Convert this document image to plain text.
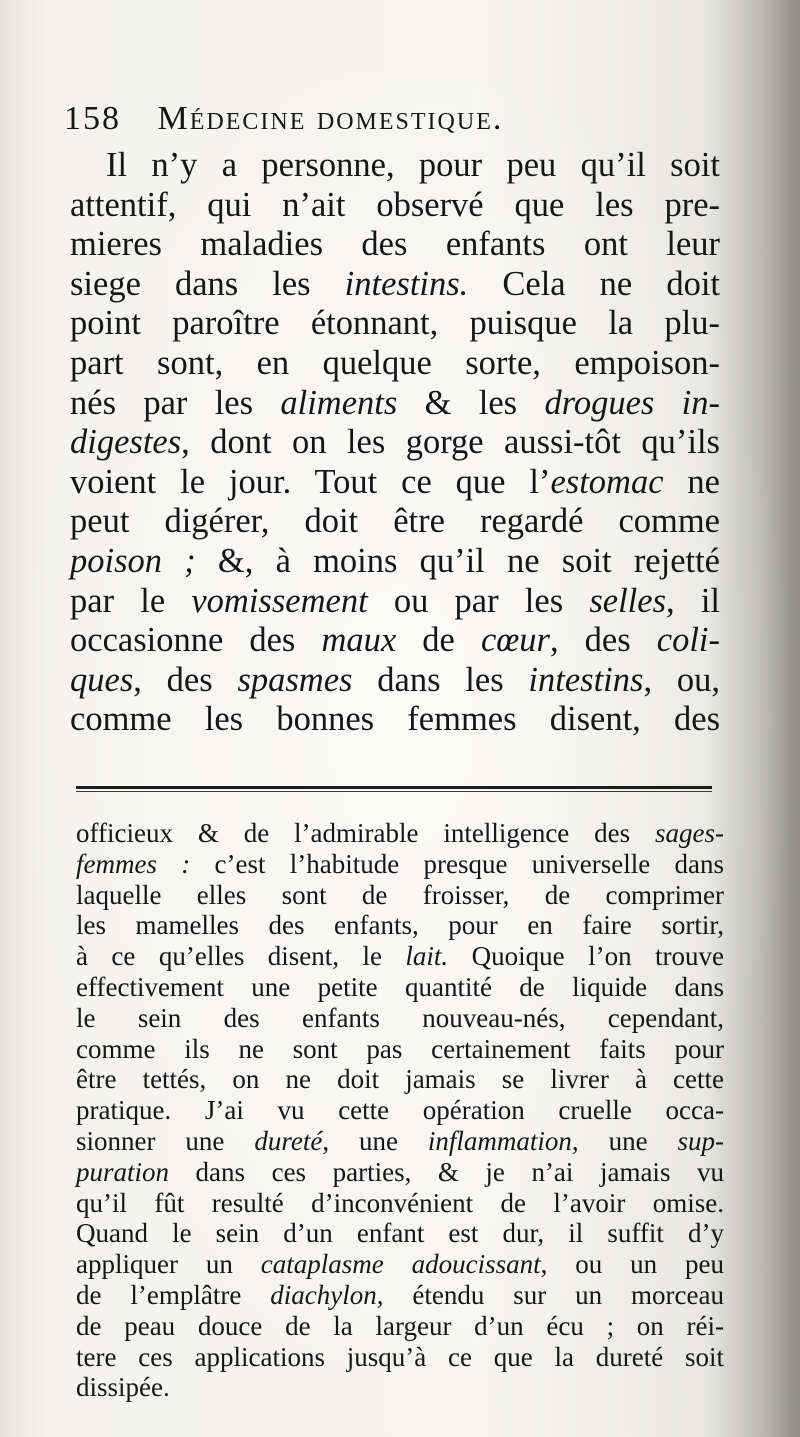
158 Médecine domestique.
Il n’y a personne, pour peu qu’il soit
attentif, qui n’ait observé que les pre-
mieres maladies des enfants ont leur
siege dans les intestins. Cela ne doit
point paroître étonnant, puisque la plu-
part sont, en quelque sorte, empoison-
nés par les aliments & les drogues in-
digestes, dont on les gorge aussi-tôt qu’ils
voient le jour. Tout ce que l’estomac ne
peut digérer, doit être regardé comme
poison ; &, à moins qu’il ne soit rejetté
par le vomissement ou par les selles, il
occasionne des maux de cœur, des coli-
ques, des spasmes dans les intestins, ou,
comme les bonnes femmes disent, des
officieux & de l’admirable intelligence des sages-
femmes : c’est l’habitude presque universelle dans
laquelle elles sont de froisser, de comprimer
les mamelles des enfants, pour en faire sortir,
à ce qu’elles disent, le lait. Quoique l’on trouve
effectivement une petite quantité de liquide dans
le sein des enfants nouveau-nés, cependant,
comme ils ne sont pas certainement faits pour
être tettés, on ne doit jamais se livrer à cette
pratique. J’ai vu cette opération cruelle occa-
sionner une dureté, une inflammation, une sup-
puration dans ces parties, & je n’ai jamais vu
qu’il fût resulté d’inconvénient de l’avoir omise.
Quand le sein d’un enfant est dur, il suffit d’y
appliquer un cataplasme adoucissant, ou un peu
de l’emplâtre diachylon, étendu sur un morceau
de peau douce de la largeur d’un écu ; on réi-
tere ces applications jusqu’à ce que la dureté soit
dissipée.
